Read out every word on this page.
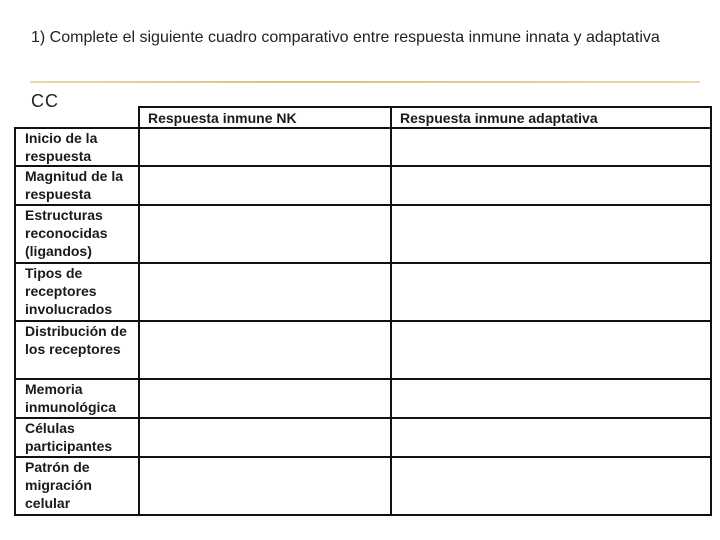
1) Complete el siguiente cuadro comparativo entre respuesta inmune innata y adaptativa
CC
	Respuesta inmune NK	Respuesta inmune adaptativa
Inicio de la respuesta		
Magnitud de la respuesta		
Estructuras reconocidas (ligandos)		
Tipos de receptores involucrados		
Distribución de los receptores		
Memoria inmunológica		
Células participantes		
Patrón de migración celular		
